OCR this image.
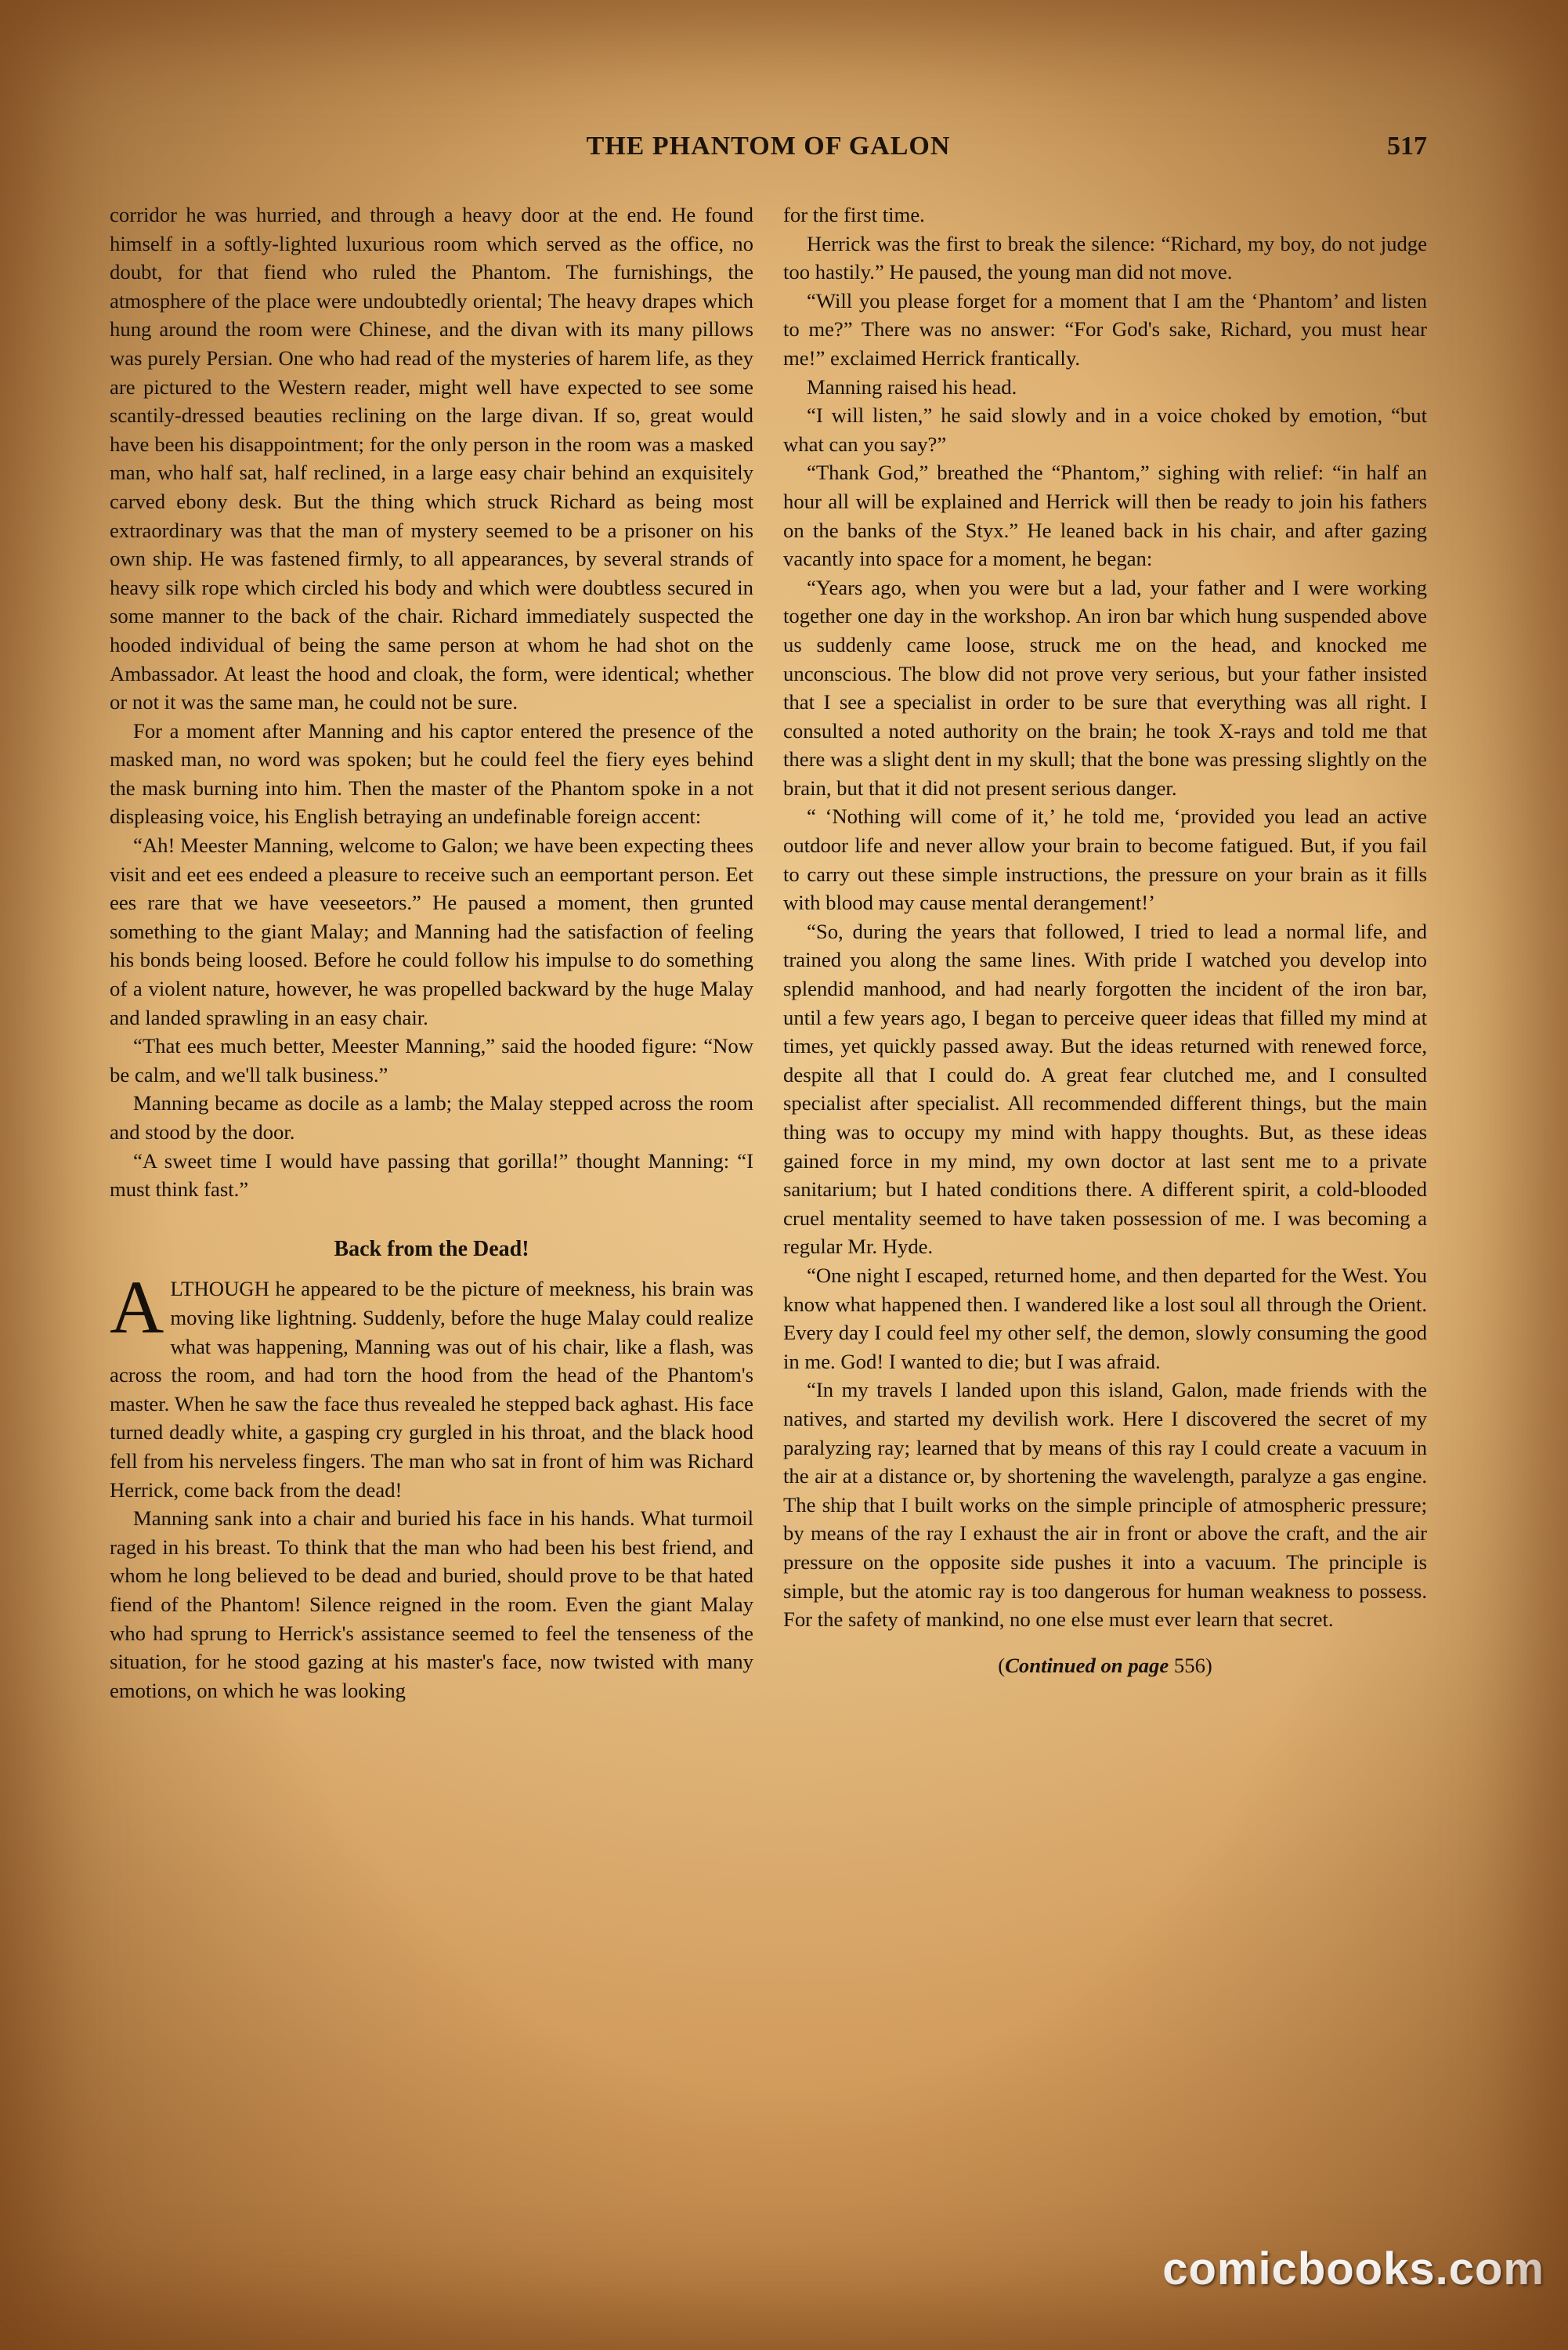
THE PHANTOM OF GALON	517

corridor he was hurried, and through a heavy door at the end. He found himself in a softly-lighted luxurious room which served as the office, no doubt, for that fiend who ruled the Phantom. The furnishings, the atmosphere of the place were undoubtedly oriental; The heavy drapes which hung around the room were Chinese, and the divan with its many pillows was purely Persian. One who had read of the mysteries of harem life, as they are pictured to the Western reader, might well have expected to see some scantily-dressed beauties reclining on the large divan. If so, great would have been his disappointment; for the only person in the room was a masked man, who half sat, half reclined, in a large easy chair behind an exquisitely carved ebony desk. But the thing which struck Richard as being most extraordinary was that the man of mystery seemed to be a prisoner on his own ship. He was fastened firmly, to all appearances, by several strands of heavy silk rope which circled his body and which were doubtless secured in some manner to the back of the chair. Richard immediately suspected the hooded individual of being the same person at whom he had shot on the Ambassador. At least the hood and cloak, the form, were identical; whether or not it was the same man, he could not be sure.

For a moment after Manning and his captor entered the presence of the masked man, no word was spoken; but he could feel the fiery eyes behind the mask burning into him. Then the master of the Phantom spoke in a not displeasing voice, his English betraying an undefinable foreign accent:

“Ah! Meester Manning, welcome to Galon; we have been expecting thees visit and eet ees endeed a pleasure to receive such an eemportant person. Eet ees rare that we have veeseetors.” He paused a moment, then grunted something to the giant Malay; and Manning had the satisfaction of feeling his bonds being loosed. Before he could follow his impulse to do something of a violent nature, however, he was propelled backward by the huge Malay and landed sprawling in an easy chair.

“That ees much better, Meester Manning,” said the hooded figure: “Now be calm, and we'll talk business.”

Manning became as docile as a lamb; the Malay stepped across the room and stood by the door.

“A sweet time I would have passing that gorilla!” thought Manning: “I must think fast.”

Back from the Dead!

ALTHOUGH he appeared to be the picture of meekness, his brain was moving like lightning. Suddenly, before the huge Malay could realize what was happening, Manning was out of his chair, like a flash, was across the room, and had torn the hood from the head of the Phantom's master. When he saw the face thus revealed he stepped back aghast. His face turned deadly white, a gasping cry gurgled in his throat, and the black hood fell from his nerveless fingers. The man who sat in front of him was Richard Herrick, come back from the dead!

Manning sank into a chair and buried his face in his hands. What turmoil raged in his breast. To think that the man who had been his best friend, and whom he long believed to be dead and buried, should prove to be that hated fiend of the Phantom! Silence reigned in the room. Even the giant Malay who had sprung to Herrick's assistance seemed to feel the tenseness of the situation, for he stood gazing at his master's face, now twisted with many emotions, on which he was looking

for the first time.

Herrick was the first to break the silence: “Richard, my boy, do not judge too hastily.” He paused, the young man did not move.

“Will you please forget for a moment that I am the ‘Phantom’ and listen to me?” There was no answer: “For God's sake, Richard, you must hear me!” exclaimed Herrick frantically.

Manning raised his head.

“I will listen,” he said slowly and in a voice choked by emotion, “but what can you say?”

“Thank God,” breathed the “Phantom,” sighing with relief: “in half an hour all will be explained and Herrick will then be ready to join his fathers on the banks of the Styx.” He leaned back in his chair, and after gazing vacantly into space for a moment, he began:

“Years ago, when you were but a lad, your father and I were working together one day in the workshop. An iron bar which hung suspended above us suddenly came loose, struck me on the head, and knocked me unconscious. The blow did not prove very serious, but your father insisted that I see a specialist in order to be sure that everything was all right. I consulted a noted authority on the brain; he took X-rays and told me that there was a slight dent in my skull; that the bone was pressing slightly on the brain, but that it did not present serious danger.

“ ‘Nothing will come of it,’ he told me, ‘provided you lead an active outdoor life and never allow your brain to become fatigued. But, if you fail to carry out these simple instructions, the pressure on your brain as it fills with blood may cause mental derangement!’

“So, during the years that followed, I tried to lead a normal life, and trained you along the same lines. With pride I watched you develop into splendid manhood, and had nearly forgotten the incident of the iron bar, until a few years ago, I began to perceive queer ideas that filled my mind at times, yet quickly passed away. But the ideas returned with renewed force, despite all that I could do. A great fear clutched me, and I consulted specialist after specialist. All recommended different things, but the main thing was to occupy my mind with happy thoughts. But, as these ideas gained force in my mind, my own doctor at last sent me to a private sanitarium; but I hated conditions there. A different spirit, a cold-blooded cruel mentality seemed to have taken possession of me. I was becoming a regular Mr. Hyde.

“One night I escaped, returned home, and then departed for the West. You know what happened then. I wandered like a lost soul all through the Orient. Every day I could feel my other self, the demon, slowly consuming the good in me. God! I wanted to die; but I was afraid.

“In my travels I landed upon this island, Galon, made friends with the natives, and started my devilish work. Here I discovered the secret of my paralyzing ray; learned that by means of this ray I could create a vacuum in the air at a distance or, by shortening the wavelength, paralyze a gas engine. The ship that I built works on the simple principle of atmospheric pressure; by means of the ray I exhaust the air in front or above the craft, and the air pressure on the opposite side pushes it into a vacuum. The principle is simple, but the atomic ray is too dangerous for human weakness to possess. For the safety of mankind, no one else must ever learn that secret.

(Continued on page 556)
comicbooks.com
